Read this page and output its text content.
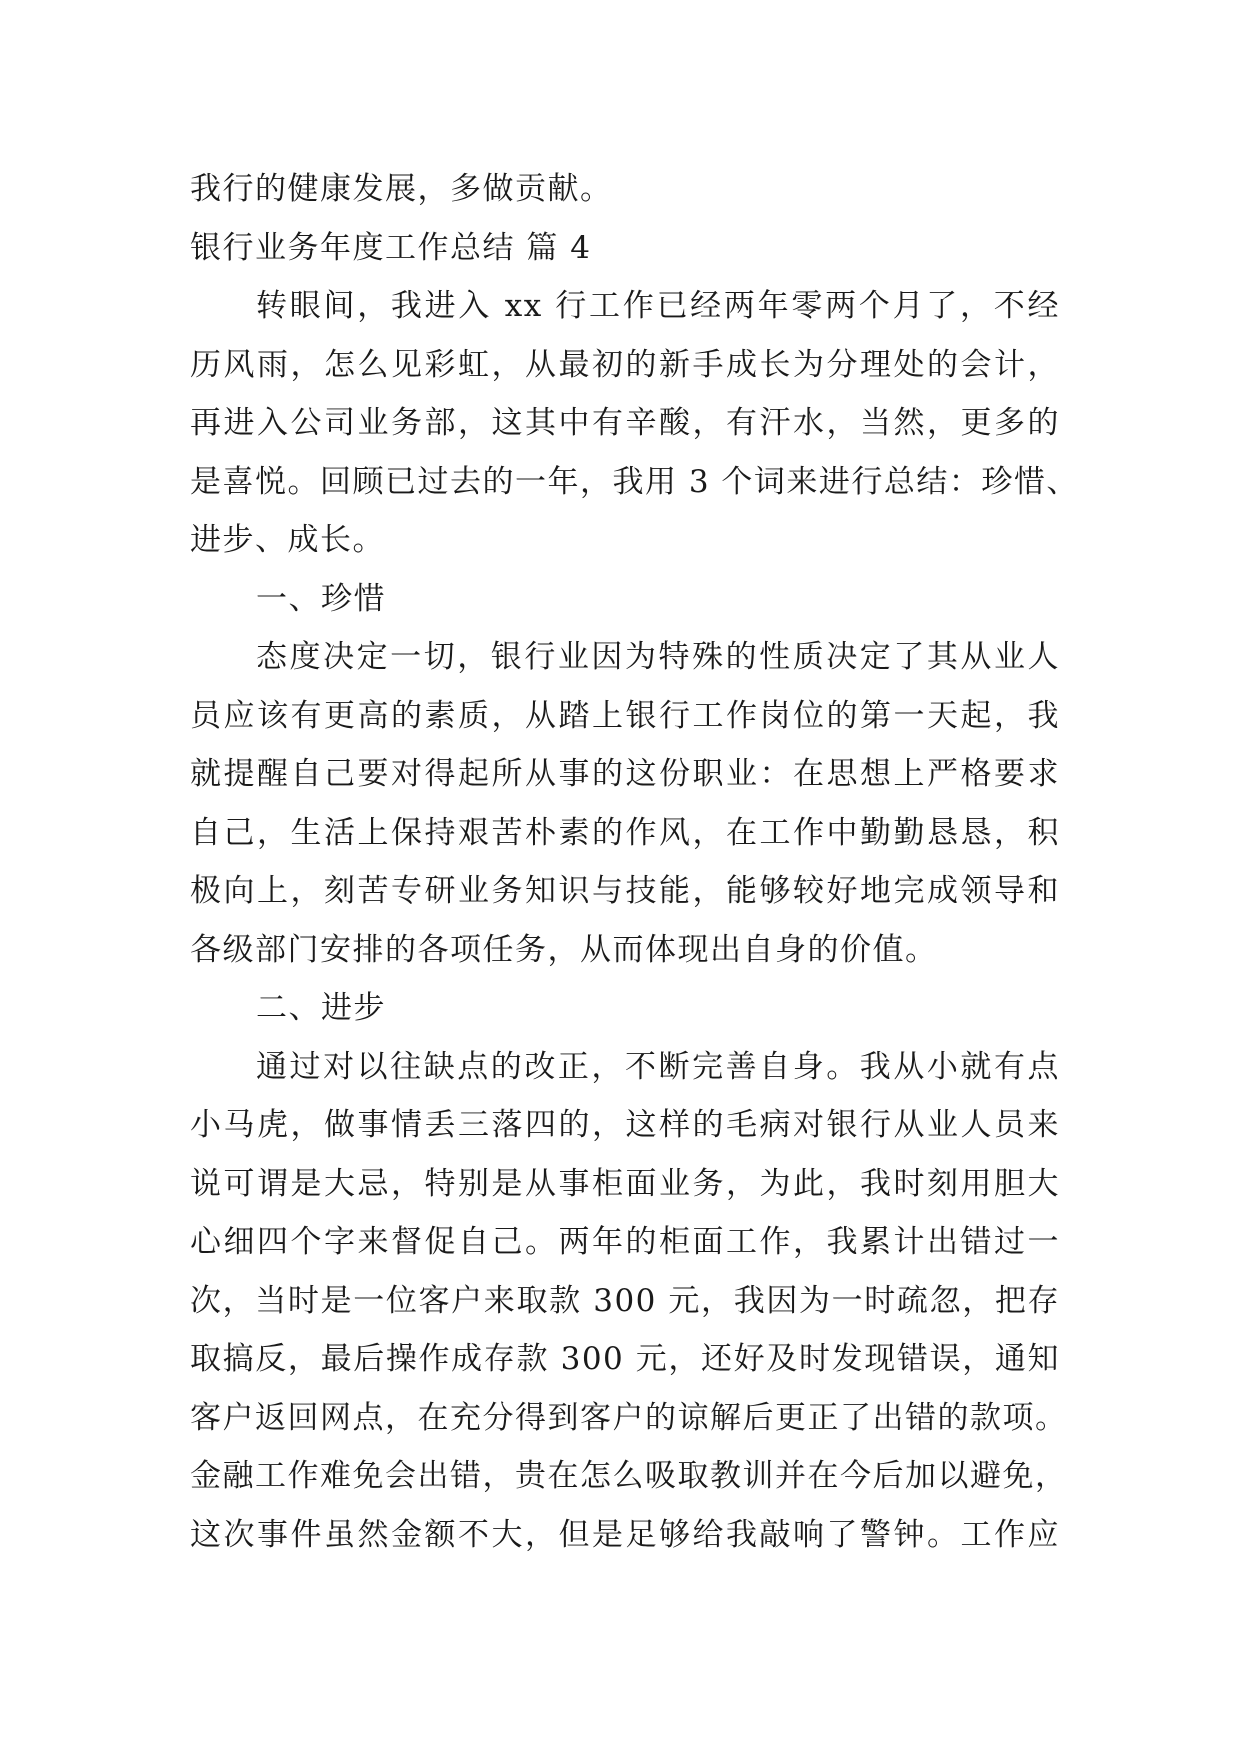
我行的健康发展，多做贡献。
银行业务年度工作总结 篇 4
转眼间，我进入 xx 行工作已经两年零两个月了，不经
历风雨，怎么见彩虹，从最初的新手成长为分理处的会计，
再进入公司业务部，这其中有辛酸，有汗水，当然，更多的
是喜悦。回顾已过去的一年，我用 3 个词来进行总结：珍惜、
进步、成长。
一、珍惜
态度决定一切，银行业因为特殊的性质决定了其从业人
员应该有更高的素质，从踏上银行工作岗位的第一天起，我
就提醒自己要对得起所从事的这份职业：在思想上严格要求
自己，生活上保持艰苦朴素的作风，在工作中勤勤恳恳，积
极向上，刻苦专研业务知识与技能，能够较好地完成领导和
各级部门安排的各项任务，从而体现出自身的价值。
二、进步
通过对以往缺点的改正，不断完善自身。我从小就有点
小马虎，做事情丢三落四的，这样的毛病对银行从业人员来
说可谓是大忌，特别是从事柜面业务，为此，我时刻用胆大
心细四个字来督促自己。两年的柜面工作，我累计出错过一
次，当时是一位客户来取款 300 元，我因为一时疏忽，把存
取搞反，最后操作成存款 300 元，还好及时发现错误，通知
客户返回网点，在充分得到客户的谅解后更正了出错的款项。
金融工作难免会出错，贵在怎么吸取教训并在今后加以避免，
这次事件虽然金额不大，但是足够给我敲响了警钟。工作应
